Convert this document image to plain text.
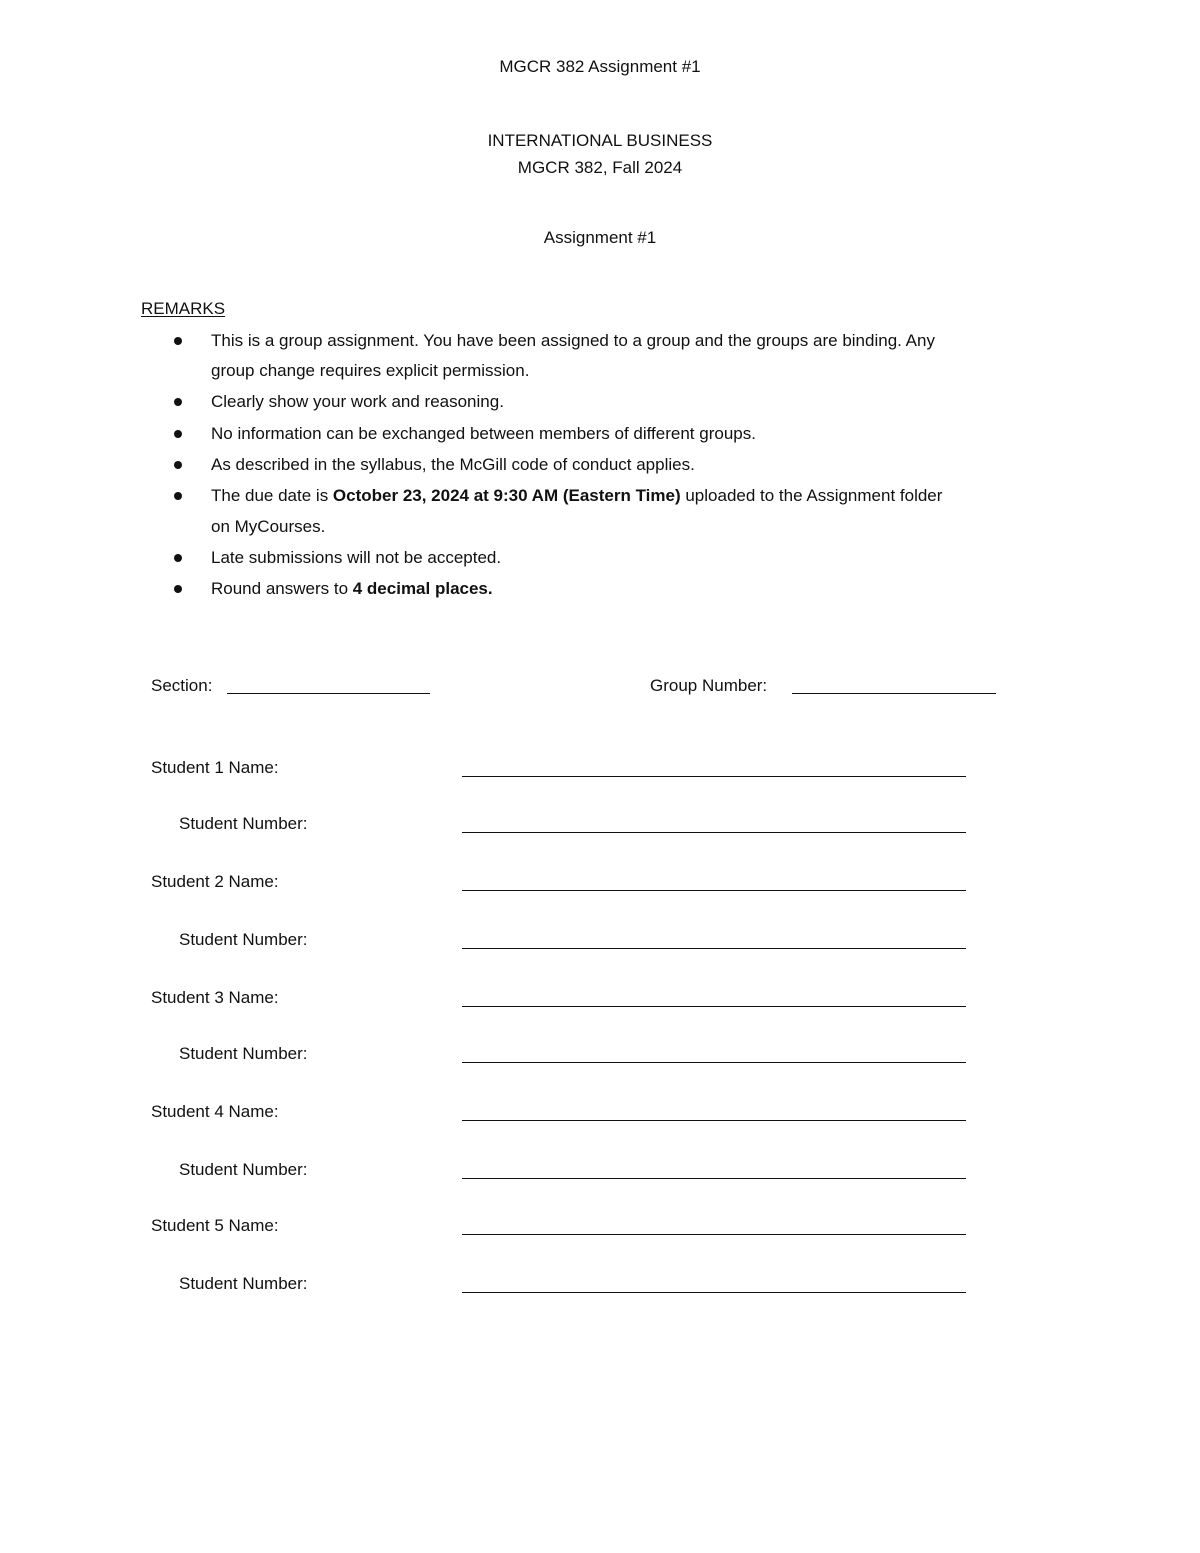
MGCR 382 Assignment #1
INTERNATIONAL BUSINESS
MGCR 382, Fall 2024
Assignment #1
REMARKS
This is a group assignment. You have been assigned to a group and the groups are binding. Any
group change requires explicit permission.
Clearly show your work and reasoning.
No information can be exchanged between members of different groups.
As described in the syllabus, the McGill code of conduct applies.
The due date is October 23, 2024 at 9:30 AM (Eastern Time) uploaded to the Assignment folder
on MyCourses.
Late submissions will not be accepted.
Round answers to 4 decimal places.
Section:	Group Number:
Student 1 Name:
Student Number:
Student 2 Name:
Student Number:
Student 3 Name:
Student Number:
Student 4 Name:
Student Number:
Student 5 Name:
Student Number:
